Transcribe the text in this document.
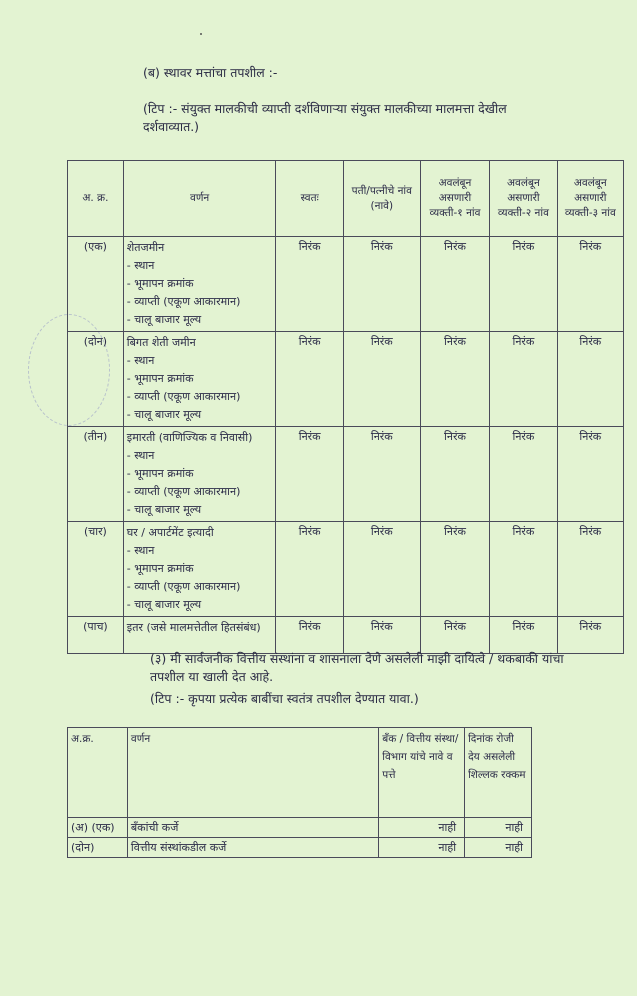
(ब) स्थावर मत्तांचा तपशील :-
(टिप :- संयुक्त मालकीची व्याप्ती दर्शविणाऱ्या संयुक्त मालकीच्या मालमत्ता देखील दर्शवाव्यात.)
अ. क्र.	वर्णन	स्वतः	पती/पत्नीचे नांव (नावे)	अवलंबून असणारी व्यक्ती-१ नांव	अवलंबून असणारी व्यक्ती-२ नांव	अवलंबून असणारी व्यक्ती-३ नांव
(एक)	शेतजमीन
- स्थान
- भूमापन क्रमांक
- व्याप्ती (एकूण आकारमान)
- चालू बाजार मूल्य	निरंक	निरंक	निरंक	निरंक	निरंक
(दोन)	बिगत शेती जमीन
- स्थान
- भूमापन क्रमांक
- व्याप्ती (एकूण आकारमान)
- चालू बाजार मूल्य	निरंक	निरंक	निरंक	निरंक	निरंक
(तीन)	इमारती (वाणिज्यिक व निवासी)
- स्थान
- भूमापन क्रमांक
- व्याप्ती (एकूण आकारमान)
- चालू बाजार मूल्य	निरंक	निरंक	निरंक	निरंक	निरंक
(चार)	घर / अपार्टमेंट इत्यादी
- स्थान
- भूमापन क्रमांक
- व्याप्ती (एकूण आकारमान)
- चालू बाजार मूल्य	निरंक	निरंक	निरंक	निरंक	निरंक
(पाच)	इतर (जसे मालमत्तेतील हितसंबंध)	निरंक	निरंक	निरंक	निरंक	निरंक
(३) मी सार्वजनीक वित्तीय संस्थांना व शासनाला देणे असलेली माझी दायित्वे / थकबाकी यांचा तपशील या खाली देत आहे.
(टिप :- कृपया प्रत्येक बाबींचा स्वतंत्र तपशील देण्यात यावा.)
अ.क्र.	वर्णन	बँक / वित्तीय संस्था/ विभाग यांचे नावे व पत्ते	दिनांक रोजी देय असलेली शिल्लक रक्कम
(अ) (एक)	बँकांची कर्जे	नाही	नाही
(दोन)	वित्तीय संस्थांकडील कर्जे	नाही	नाही
